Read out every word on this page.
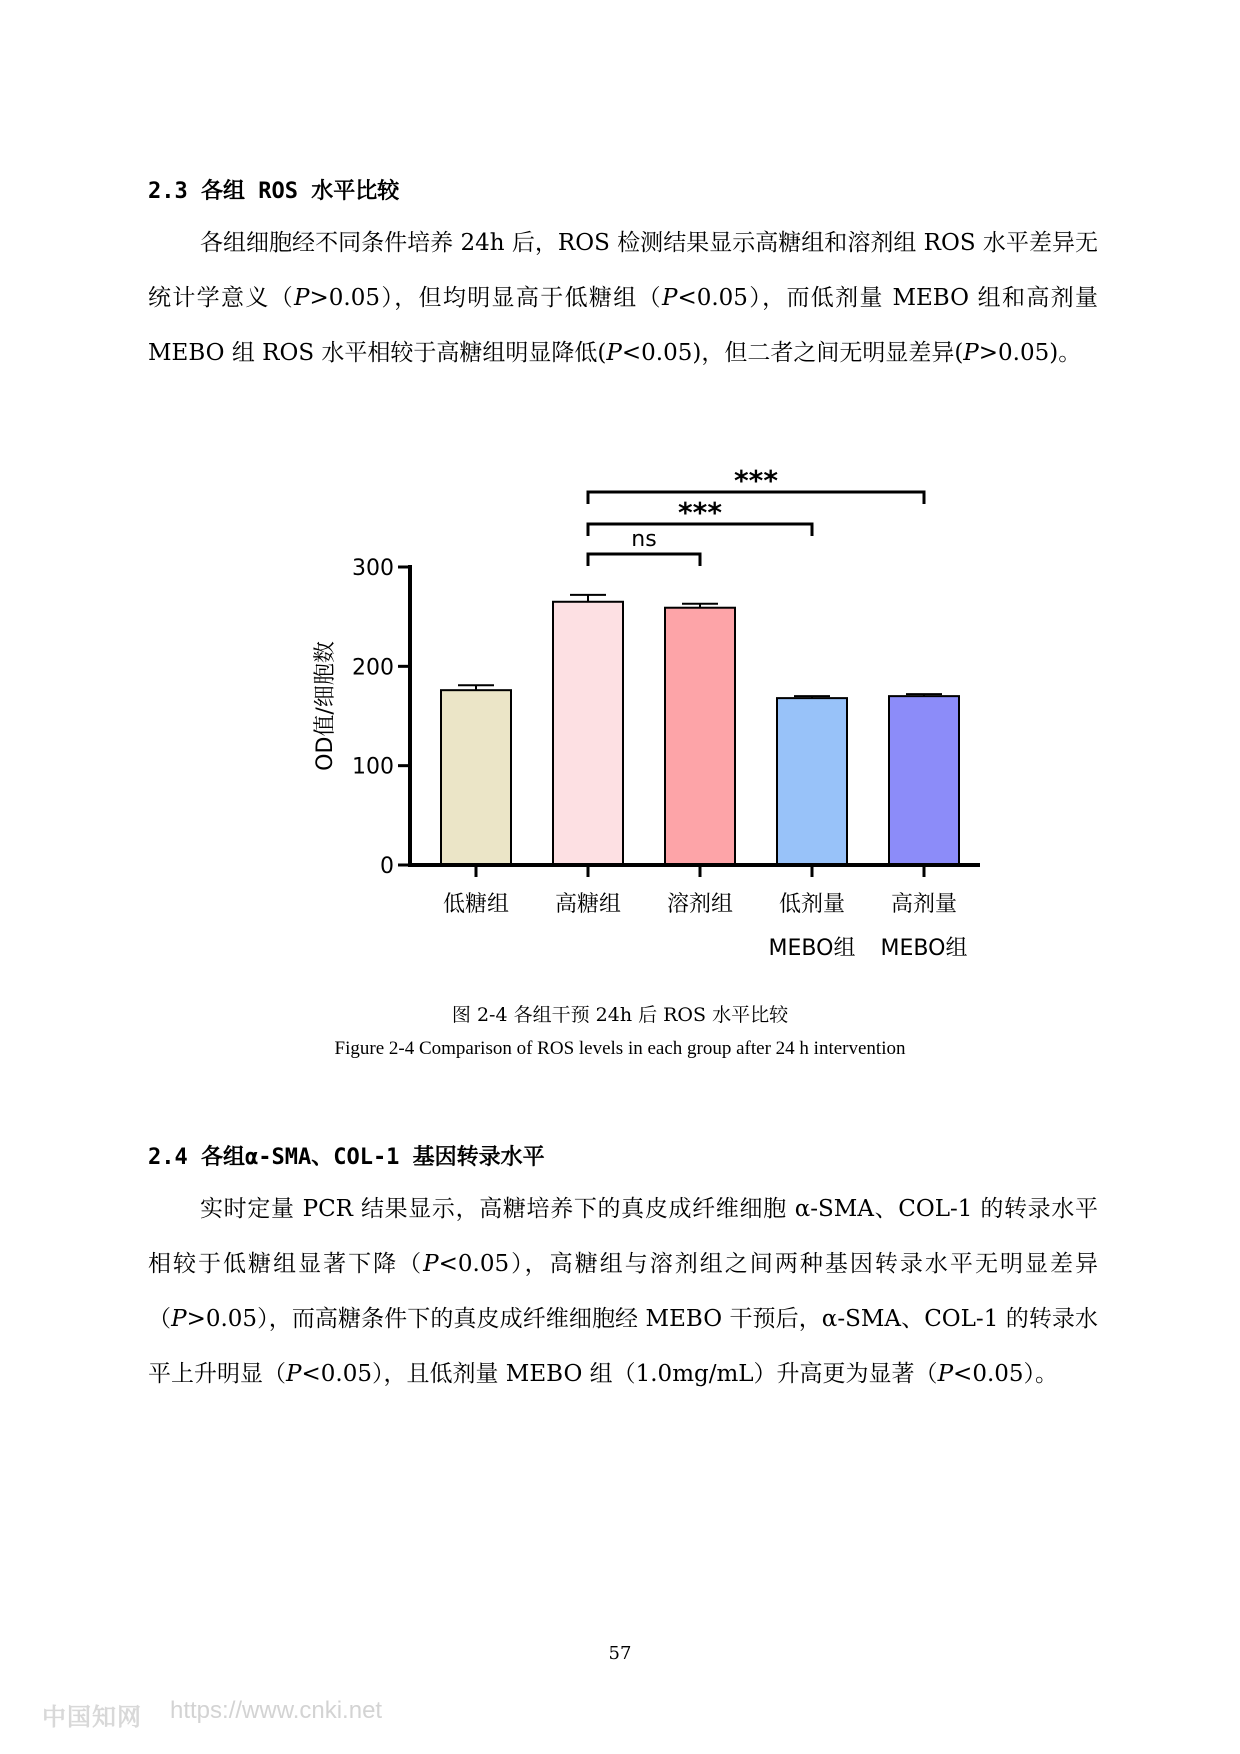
2.3 各组 ROS 水平比较
各组细胞经不同条件培养 24h 后，ROS 检测结果显示高糖组和溶剂组 ROS 水平差异无统计学意义（P>0.05），但均明显高于低糖组（P<0.05），而低剂量 MEBO 组和高剂量 MEBO 组 ROS 水平相较于高糖组明显降低(P<0.05)，但二者之间无明显差异(P>0.05)。
0
100
200
300
低糖组 高糖组 溶剂组 低剂量
MEBO组
高剂量
MEBO组
OD值/细胞数
ns
***
***
图 2-4 各组干预 24h 后 ROS 水平比较
Figure 2-4 Comparison of ROS levels in each group after 24 h intervention
2.4 各组α-SMA、COL-1 基因转录水平
实时定量 PCR 结果显示，高糖培养下的真皮成纤维细胞 α-SMA、COL-1 的转录水平相较于低糖组显著下降（P<0.05），高糖组与溶剂组之间两种基因转录水平无明显差异（P>0.05），而高糖条件下的真皮成纤维细胞经 MEBO 干预后，α-SMA、COL-1 的转录水平上升明显（P<0.05），且低剂量 MEBO 组（1.0mg/mL）升高更为显著（P<0.05）。
57
中国知网 https://www.cnki.net
